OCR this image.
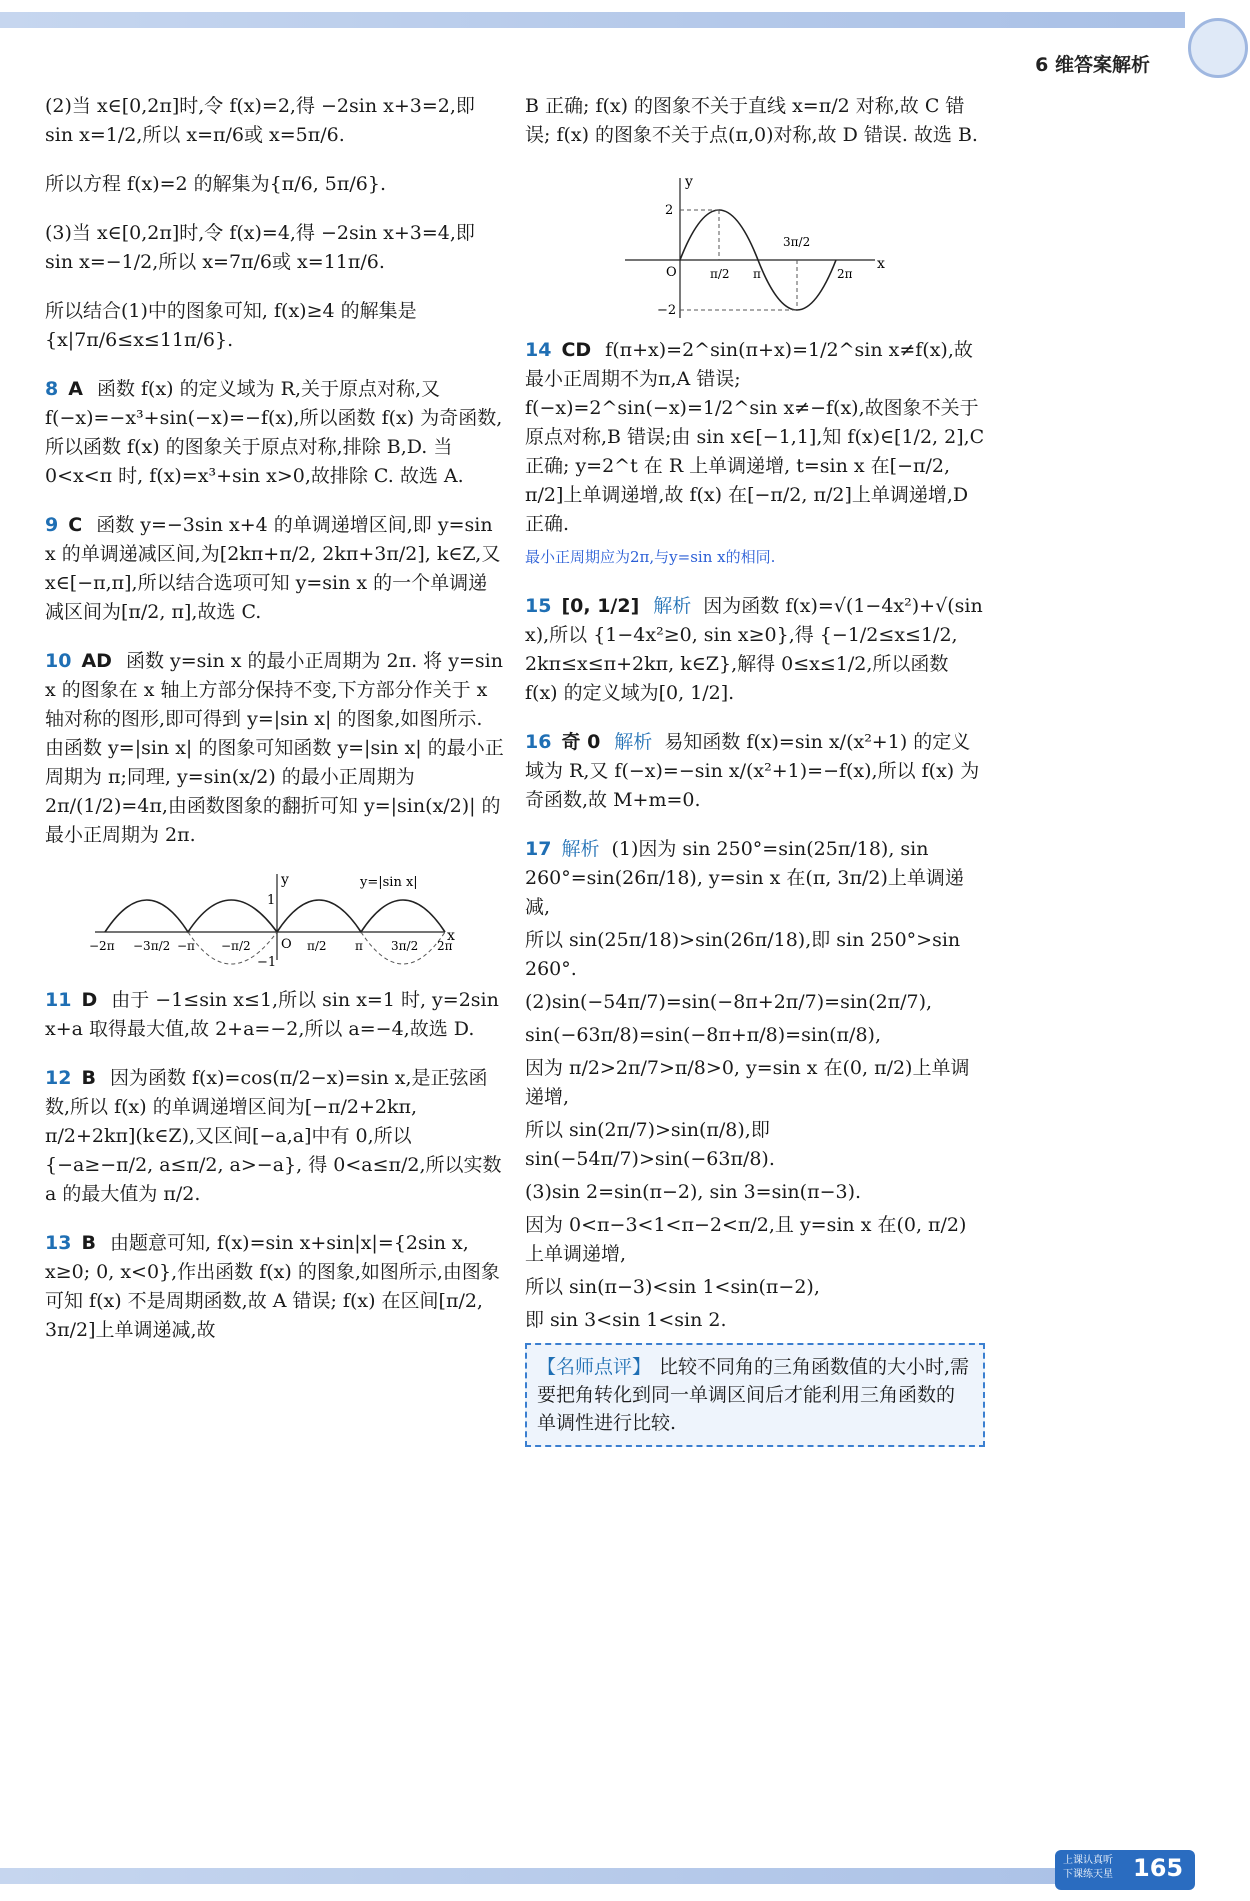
6 维答案解析

(2)当 x∈[0,2π]时,令 f(x)=2,得 −2sin x+3=2,即 sin x=1/2,所以 x=π/6或 x=5π/6.

所以方程 f(x)=2 的解集为{π/6, 5π/6}.

(3)当 x∈[0,2π]时,令 f(x)=4,得 −2sin x+3=4,即 sin x=−1/2,所以 x=7π/6或 x=11π/6.

所以结合(1)中的图象可知, f(x)≥4 的解集是{x|7π/6≤x≤11π/6}.

8 A 函数 f(x) 的定义域为 R,关于原点对称,又 f(−x)=−x³+sin(−x)=−f(x),所以函数 f(x) 为奇函数,所以函数 f(x) 的图象关于原点对称,排除 B,D. 当 0<x<π 时, f(x)=x³+sin x>0,故排除 C. 故选 A.

9 C 函数 y=−3sin x+4 的单调递增区间,即 y=sin x 的单调递减区间,为[2kπ+π/2, 2kπ+3π/2], k∈Z,又 x∈[−π,π],所以结合选项可知 y=sin x 的一个单调递减区间为[π/2, π],故选 C.

10 AD 函数 y=sin x 的最小正周期为 2π. 将 y=sin x 的图象在 x 轴上方部分保持不变,下方部分作关于 x 轴对称的图形,即可得到 y=|sin x| 的图象,如图所示. 由函数 y=|sin x| 的图象可知函数 y=|sin x| 的最小正周期为 π;同理, y=sin(x/2) 的最小正周期为 2π/(1/2)=4π,由函数图象的翻折可知 y=|sin(x/2)| 的最小正周期为 2π.

y
x
O
1
−1
y=|sin x|
−2π −3π/2 −π −π/2	π/2 π 3π/2 2π

11 D 由于 −1≤sin x≤1,所以 sin x=1 时, y=2sin x+a 取得最大值,故 2+a=−2,所以 a=−4,故选 D.

12 B 因为函数 f(x)=cos(π/2−x)=sin x,是正弦函数,所以 f(x) 的单调递增区间为[−π/2+2kπ, π/2+2kπ](k∈Z),又区间[−a,a]中有 0,所以 {−a≥−π/2, a≤π/2, a>−a}, 得 0<a≤π/2,所以实数 a 的最大值为 π/2.

13 B 由题意可知, f(x)=sin x+sin|x|={2sin x, x≥0; 0, x<0},作出函数 f(x) 的图象,如图所示,由图象可知 f(x) 不是周期函数,故 A 错误; f(x) 在区间[π/2, 3π/2]上单调递减,故

B 正确; f(x) 的图象不关于直线 x=π/2 对称,故 C 错误; f(x) 的图象不关于点(π,0)对称,故 D 错误. 故选 B.

y
x
O
2
−2
π/2 π
3π/2
2π

14 CD f(π+x)=2^sin(π+x)=1/2^sin x≠f(x),故最小正周期不为π,A 错误; f(−x)=2^sin(−x)=1/2^sin x≠−f(x),故图象不关于原点对称,B 错误;由 sin x∈[−1,1],知 f(x)∈[1/2, 2],C 正确; y=2^t 在 R 上单调递增, t=sin x 在[−π/2, π/2]上单调递增,故 f(x) 在[−π/2, π/2]上单调递增,D 正确.

最小正周期应为2π,与y=sin x的相同.

15 [0, 1/2] 解析 因为函数 f(x)=√(1−4x²)+√(sin x),所以 {1−4x²≥0, sin x≥0},得 {−1/2≤x≤1/2, 2kπ≤x≤π+2kπ, k∈Z},解得 0≤x≤1/2,所以函数 f(x) 的定义域为[0, 1/2].

16 奇 0 解析 易知函数 f(x)=sin x/(x²+1) 的定义域为 R,又 f(−x)=−sin x/(x²+1)=−f(x),所以 f(x) 为奇函数,故 M+m=0.

17 解析 (1)因为 sin 250°=sin(25π/18), sin 260°=sin(26π/18), y=sin x 在(π, 3π/2)上单调递减,

所以 sin(25π/18)>sin(26π/18),即 sin 250°>sin 260°.

(2)sin(−54π/7)=sin(−8π+2π/7)=sin(2π/7),

sin(−63π/8)=sin(−8π+π/8)=sin(π/8),

因为 π/2>2π/7>π/8>0, y=sin x 在(0, π/2)上单调递增,

所以 sin(2π/7)>sin(π/8),即 sin(−54π/7)>sin(−63π/8).

(3)sin 2=sin(π−2), sin 3=sin(π−3).

因为 0<π−3<1<π−2<π/2,且 y=sin x 在(0, π/2)上单调递增,

所以 sin(π−3)<sin 1<sin(π−2),

即 sin 3<sin 1<sin 2.

【名师点评】 比较不同角的三角函数值的大小时,需要把角转化到同一单调区间后才能利用三角函数的单调性进行比较.
上课认真听
下课练天星 165
